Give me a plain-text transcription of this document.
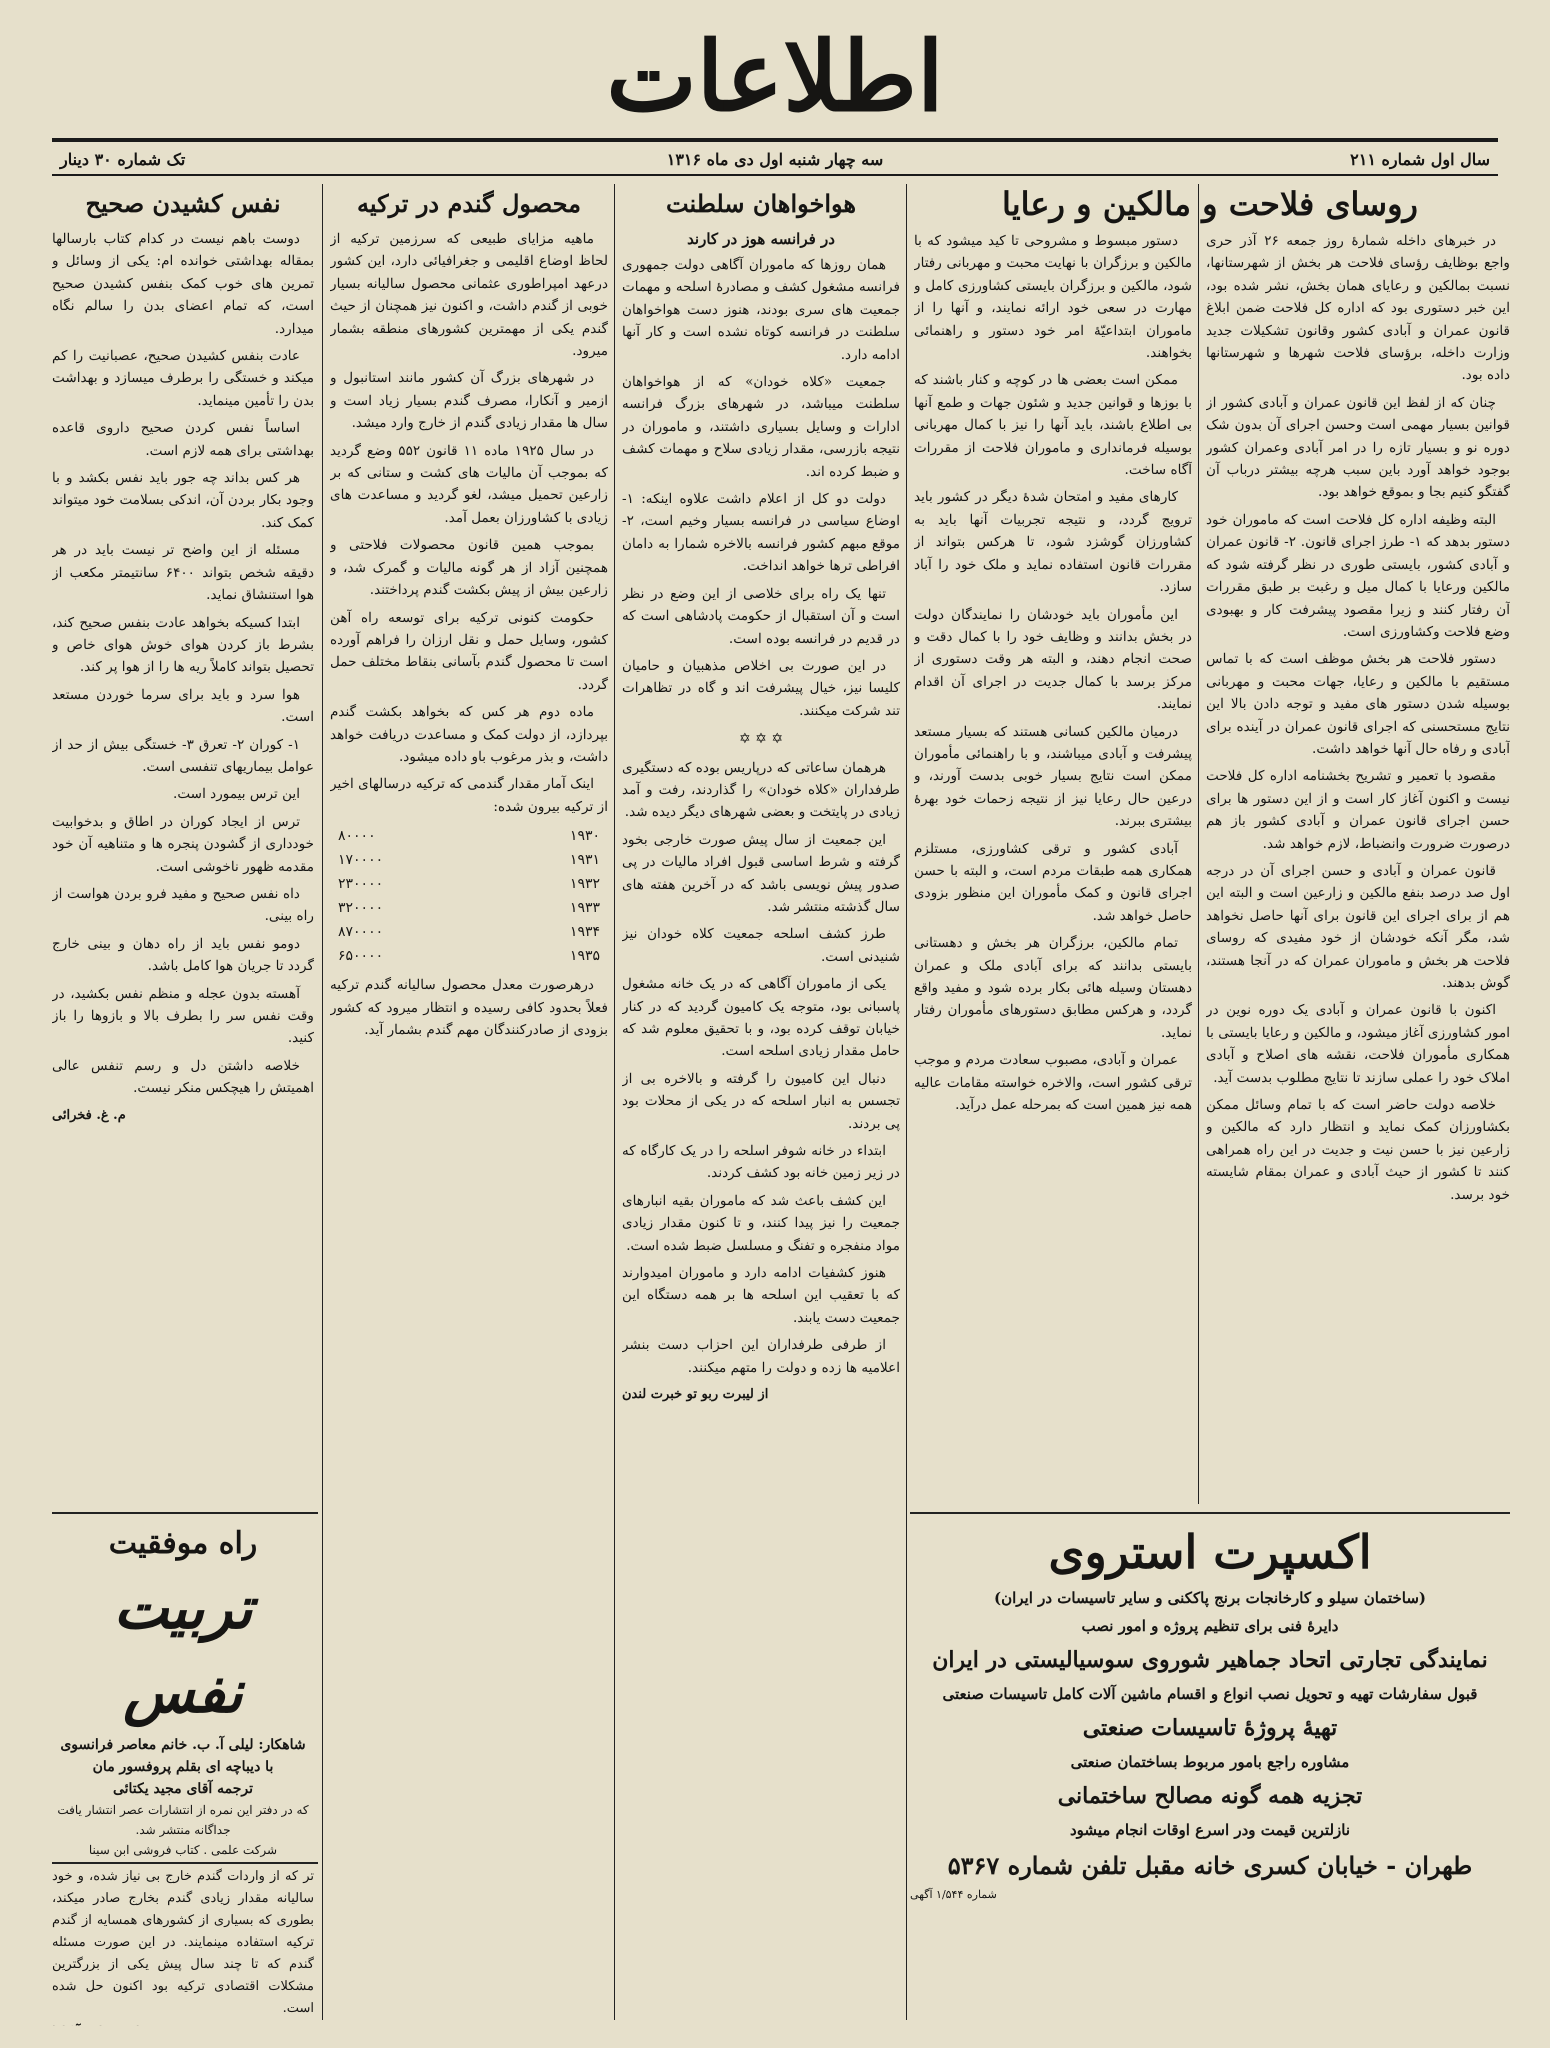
اطلاعات
سال اول شماره ۲۱۱
سه چهار شنبه اول دی ماه ۱۳۱۶
تک شماره ۳۰ دینار
روسای فلاحت و مالکین و رعایا

در خبرهای داخله شمارهٔ روز جمعه ۲۶ آذر حری واجع بوظایف رؤسای فلاحت هر بخش از شهرستانها، نسبت بمالکین و رعایای همان بخش، نشر شده بود، این خبر دستوری بود که اداره کل فلاحت ضمن ابلاغ قانون عمران و آبادی کشور وقانون تشکیلات جدید وزارت داخله، برؤسای فلاحت شهرها و شهرستانها داده بود.

چنان که از لفظ این قانون عمران و آبادی کشور از قوانین بسیار مهمی است وحسن اجرای آن بدون شک دوره نو و بسیار تازه را در امر آبادی وعمران کشور بوجود خواهد آورد باین سبب هرچه بیشتر درباب آن گفتگو کنیم بجا و بموقع خواهد بود.

البته وظیفه اداره کل فلاحت است که ماموران خود دستور بدهد که ۱- طرز اجرای قانون. ۲- قانون عمران و آبادی کشور، بایستی طوری در نظر گرفته شود که مالکین ورعایا با کمال میل و رغبت بر طبق مقررات آن رفتار کنند و زیرا مقصود پیشرفت کار و بهبودی وضع فلاحت وکشاورزی است.

دستور فلاحت هر بخش موظف است که با تماس مستقیم با مالکین و رعایا، جهات محبت و مهربانی بوسیله شدن دستور های مفید و توجه دادن بالا این نتایج مستحسنی که اجرای قانون عمران در آینده برای آبادی و رفاه حال آنها خواهد داشت.

مقصود با تعمیر و تشریح بخشنامه اداره کل فلاحت نیست و اکنون آغاز کار است و از این دستور ها برای حسن اجرای قانون عمران و آبادی کشور باز هم درصورت ضرورت وانضباط، لازم خواهد شد.

قانون عمران و آبادی و حسن اجرای آن در درجه اول صد درصد بنفع مالکین و زارعین است و البته این هم از برای اجرای این قانون برای آنها حاصل نخواهد شد، مگر آنکه خودشان از خود مفیدی که روسای فلاحت هر بخش و ماموران عمران که در آنجا هستند، گوش بدهند.

اکنون با قانون عمران و آبادی یک دوره نوین در امور کشاورزی آغاز میشود، و مالکین و رعایا بایستی با همکاری مأموران فلاحت، نقشه های اصلاح و آبادی املاک خود را عملی سازند تا نتایج مطلوب بدست آید.

خلاصه دولت حاضر است که با تمام وسائل ممکن بکشاورزان کمک نماید و انتظار دارد که مالکین و زارعین نیز با حسن نیت و جدیت در این راه همراهی کنند تا کشور از حیث آبادی و عمران بمقام شایسته خود برسد.

دستور مبسوط و مشروحی تا کید میشود که با مالکین و برزگران با نهایت محبت و مهربانی رفتار شود، مالکین و برزگران بایستی کشاورزی کامل و مهارت در سعی خود ارائه نمایند، و آنها را از ماموران ابتداعیّهٔ امر خود دستور و راهنمائی بخواهند.

ممکن است بعضی ها در کوچه و کنار باشند که با بوزها و قوانین جدید و شئون جهات و طمع آنها بی اطلاع باشند، باید آنها را نیز با کمال مهربانی بوسیله فرمانداری و ماموران فلاحت از مقررات آگاه ساخت.

کارهای مفید و امتحان شدهٔ دیگر در کشور باید ترویج گردد، و نتیجه تجربیات آنها باید به کشاورزان گوشزد شود، تا هرکس بتواند از مقررات قانون استفاده نماید و ملک خود را آباد سازد.

این مأموران باید خودشان را نمایندگان دولت در بخش بدانند و وظایف خود را با کمال دقت و صحت انجام دهند، و البته هر وقت دستوری از مرکز برسد با کمال جدیت در اجرای آن اقدام نمایند.

درمیان مالکین کسانی هستند که بسیار مستعد پیشرفت و آبادی میباشند، و با راهنمائی مأموران ممکن است نتایج بسیار خوبی بدست آورند، و درعین حال رعایا نیز از نتیجه زحمات خود بهرهٔ بیشتری ببرند.

آبادی کشور و ترقی کشاورزی، مستلزم همکاری همه طبقات مردم است، و البته با حسن اجرای قانون و کمک مأموران این منظور بزودی حاصل خواهد شد.

تمام مالکین، برزگران هر بخش و دهستانی بایستی بدانند که برای آبادی ملک و عمران دهستان وسیله هائی بکار برده شود و مفید واقع گردد، و هرکس مطابق دستورهای مأموران رفتار نماید.

عمران و آبادی، مصبوب سعادت مردم و موجب ترقی کشور است، والاخره خواسته مقامات عالیه همه نیز همین است که بمرحله عمل درآید.

هواخواهان سلطنت
در فرانسه هوز در کارند

همان روزها که ماموران آگاهی دولت جمهوری فرانسه مشغول کشف و مصادرهٔ اسلحه و مهمات جمعیت های سری بودند، هنوز دست هواخواهان سلطنت در فرانسه کوتاه نشده است و کار آنها ادامه دارد.

جمعیت «کلاه خودان» که از هواخواهان سلطنت میباشد، در شهرهای بزرگ فرانسه ادارات و وسایل بسیاری داشتند، و ماموران در نتیجه بازرسی، مقدار زیادی سلاح و مهمات کشف و ضبط کرده اند.

دولت دو کل از اعلام داشت علاوه اینکه: ۱- اوضاع سیاسی در فرانسه بسیار وخیم است، ۲- موقع مبهم کشور فرانسه بالاخره شمارا به دامان افراطی ترها خواهد انداخت.

تنها یک راه برای خلاصی از این وضع در نظر است و آن استقبال از حکومت پادشاهی است که در قدیم در فرانسه بوده است.

در این صورت بی اخلاص مذهبیان و حامیان کلیسا نیز، خیال پیشرفت اند و گاه در تظاهرات تند شرکت میکنند.

✡ ✡ ✡

هرهمان ساعاتی که درپاریس بوده که دستگیری طرفداران «کلاه خودان» را گذاردند، رفت و آمد زیادی در پایتخت و بعضی شهرهای دیگر دیده شد.

این جمعیت از سال پیش صورت خارجی بخود گرفته و شرط اساسی قبول افراد مالیات در پی صدور پیش نویسی باشد که در آخرین هفته های سال گذشته منتشر شد.

طرز کشف اسلحه جمعیت کلاه خودان نیز شنیدنی است.

یکی از ماموران آگاهی که در یک خانه مشغول پاسبانی بود، متوجه یک کامیون گردید که در کنار خیابان توقف کرده بود، و با تحقیق معلوم شد که حامل مقدار زیادی اسلحه است.

دنبال این کامیون را گرفته و بالاخره بی از تجسس به انبار اسلحه که در یکی از محلات بود پی بردند.

ابتداء در خانه شوفر اسلحه را در یک کارگاه که در زیر زمین خانه بود کشف کردند.

این کشف باعث شد که ماموران بقیه انبارهای جمعیت را نیز پیدا کنند، و تا کنون مقدار زیادی مواد منفجره و تفنگ و مسلسل ضبط شده است.

هنوز کشفیات ادامه دارد و ماموران امیدوارند که با تعقیب این اسلحه ها بر همه دستگاه این جمعیت دست یابند.

از طرفی طرفداران این احزاب دست بنشر اعلامیه ها زده و دولت را متهم میکنند.

از لیبرت ربو تو خبرت لندن
محصول گندم در ترکیه

ماهیه مزایای طبیعی که سرزمین ترکیه از لحاظ اوضاع اقلیمی و جغرافیائی دارد، این کشور درعهد امپراطوری عثمانی محصول سالیانه بسیار خوبی از گندم داشت، و اکنون نیز همچنان از حیث گندم یکی از مهمترین کشورهای منطقه بشمار میرود.

در شهرهای بزرگ آن کشور مانند استانبول و ازمیر و آنکارا، مصرف گندم بسیار زیاد است و سال ها مقدار زیادی گندم از خارج وارد میشد.

در سال ۱۹۲۵ ماده ۱۱ قانون ۵۵۲ وضع گردید که بموجب آن مالیات های کشت و ستانی که بر زارعین تحمیل میشد، لغو گردید و مساعدت های زیادی با کشاورزان بعمل آمد.

بموجب همین قانون محصولات فلاحتی و همچنین آزاد از هر گونه مالیات و گمرک شد، و زارعین بیش از پیش بکشت گندم پرداختند.

حکومت کنونی ترکیه برای توسعه راه آهن کشور، وسایل حمل و نقل ارزان را فراهم آورده است تا محصول گندم بآسانی بنقاط مختلف حمل گردد.

ماده دوم هر کس که بخواهد بکشت گندم بپردازد، از دولت کمک و مساعدت دریافت خواهد داشت، و بذر مرغوب باو داده میشود.

اینک آمار مقدار گندمی که ترکیه درسالهای اخیر از ترکیه بیرون شده:

۸۰۰۰۰	۱۹۳۰
۱۷۰۰۰۰	۱۹۳۱
۲۳۰۰۰۰	۱۹۳۲
۳۲۰۰۰۰	۱۹۳۳
۸۷۰۰۰۰	۱۹۳۴
۶۵۰۰۰۰	۱۹۳۵

درهرصورت معدل محصول سالیانه گندم ترکیه فعلاً بحدود کافی رسیده و انتظار میرود که کشور بزودی از صادرکنندگان مهم گندم بشمار آید.

نفس کشیدن صحیح

دوست باهم نیست در کدام کتاب بارسالها بمقاله بهداشتی خوانده ام: یکی از وسائل و تمرین های خوب کمک بنفس کشیدن صحیح است، که تمام اعضای بدن را سالم نگاه میدارد.

عادت بنفس کشیدن صحیح، عصبانیت را کم میکند و خستگی را برطرف میسازد و بهداشت بدن را تأمین مینماید.

اساساً نفس کردن صحیح داروی قاعده بهداشتی برای همه لازم است.

هر کس بداند چه جور باید نفس بکشد و با وجود بکار بردن آن، اندکی بسلامت خود میتواند کمک کند.

مسئله از این واضح تر نیست باید در هر دقیقه شخص بتواند ۶۴۰۰ سانتیمتر مکعب از هوا استنشاق نماید.

ابتدا کسیکه بخواهد عادت بنفس صحیح کند، بشرط باز کردن هوای خوش هوای خاص و تحصیل بتواند کاملاً ریه ها را از هوا پر کند.

هوا سرد و باید برای سرما خوردن مستعد است.

۱- کوران ۲- تعرق ۳- خستگی بیش از حد از عوامل بیماریهای تنفسی است.

این ترس بیمورد است.

ترس از ایجاد کوران در اطاق و بدخوابیت خودداری از گشودن پنجره ها و متناهیه آن خود مقدمه ظهور ناخوشی است.

داه نفس صحیح و مفید فرو بردن هواست از راه بینی.

دومو نفس باید از راه دهان و بینی خارج گردد تا جریان هوا کامل باشد.

آهسته بدون عجله و منظم نفس بکشید، در وقت نفس سر را بطرف بالا و بازوها را باز کنید.

خلاصه داشتن دل و رسم تنفس عالی اهمیتش را هیچکس منکر نیست.

م. غ. فخرائی
راه موفقیت
تربیت نفس
شاهکار: لیلی آ. ب. خانم معاصر فرانسوی
با دیباچه ای بقلم پروفسور مان
ترجمه آقای مجید یکتائی
که در دفتر این نمره از انتشارات عصر انتشار یافت جداگانه منتشر شد.
شرکت علمی . کتاب فروشی ابن سینا
تر که از واردات گندم خارج بی نیاز شده، و خود سالیانه مقدار زیادی گندم بخارج صادر میکند، بطوری که بسیاری از کشورهای همسایه از گندم ترکیه استفاده مینمایند. در این صورت مسئله گندم که تا چند سال پیش یکی از بزرگترین مشکلات اقتصادی ترکیه بود اکنون حل شده است.
اکسپرت استروی
(ساختمان سیلو و کارخانجات برنج پاککنی و سایر تاسیسات در ایران)
دایرهٔ فنی برای تنظیم پروژه و امور نصب
نمایندگی تجارتی اتحاد جماهیر شوروی سوسیالیستی در ایران
قبول سفارشات تهیه و تحویل نصب انواع و اقسام ماشین آلات کامل تاسیسات صنعتی
تهیهٔ پروژهٔ تاسیسات صنعتی
مشاوره راجع بامور مربوط بساختمان صنعتی
تجزیه همه گونه مصالح ساختمانی
نازلترین قیمت ودر اسرع اوقات انجام میشود
طهران - خیابان کسری خانه مقبل تلفن شماره ۵۳۶۷
شماره ۱/۵۴۴ آگهی
